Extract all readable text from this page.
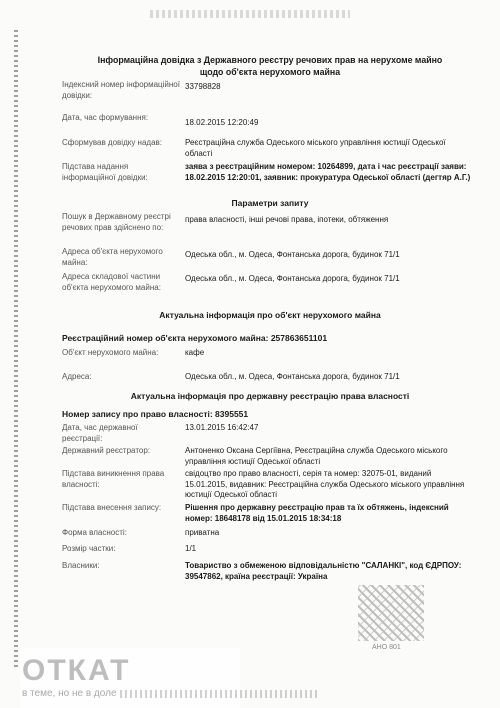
Інформаційна довідка з Державного реєстру речових прав на нерухоме майно
щодо об'єкта нерухомого майна
Індексний номер інформаційної довідки:
33798828
Дата, час формування:
18.02.2015 12:20:49
Сформував довідку надав:	Реєстраційна служба Одеського міського управління юстиції Одеської області
Підстава надання інформаційної довідки:
заява з реєстраційним номером: 10264899, дата і час реєстрації заяви: 18.02.2015 12:20:01, заявник: прокуратура Одеської області (дегтяр А.Г.)
Параметри запиту
Пошук в Державному реєстрі речових прав здійснено по:
права власності, інші речові права, іпотеки, обтяження
Адреса об'єкта нерухомого майна:
Одеська обл., м. Одеса, Фонтанська дорога, будинок 71/1
Адреса складової частини об'єкта нерухомого майна:
Одеська обл., м. Одеса, Фонтанська дорога, будинок 71/1
Актуальна інформація про об'єкт нерухомого майна
Реєстраційний номер об'єкта нерухомого майна: 257863651101
Об'єкт нерухомого майна:	кафе
Адреса:	Одеська обл., м. Одеса, Фонтанська дорога, будинок 71/1
Актуальна інформація про державну реєстрацію права власності
Номер запису про право власності: 8395551
Дата, час державної реєстрації:
13.01.2015 16:42:47
Державний реєстратор:	Антоненко Оксана Сергіївна, Реєстраційна служба Одеського міського управління юстиції Одеської області
Підстава виникнення права власності:
свідоцтво про право власності, серія та номер: 32075-01, виданий 15.01.2015, видавник: Реєстраційна служба Одеського міського управління юстиції Одеської області
Підстава внесення запису:	Рішення про державну реєстрацію прав та їх обтяжень, індексний номер: 18648178 від 15.01.2015 18:34:18
Форма власності:	приватна
Розмір частки:	1/1
Власники:	Товариство з обмеженою відповідальністю "САЛАНКІ", код ЄДРПОУ: 39547862, країна реєстрації: Україна
АНО 801
ОТКАТ
в теме, но не в доле
